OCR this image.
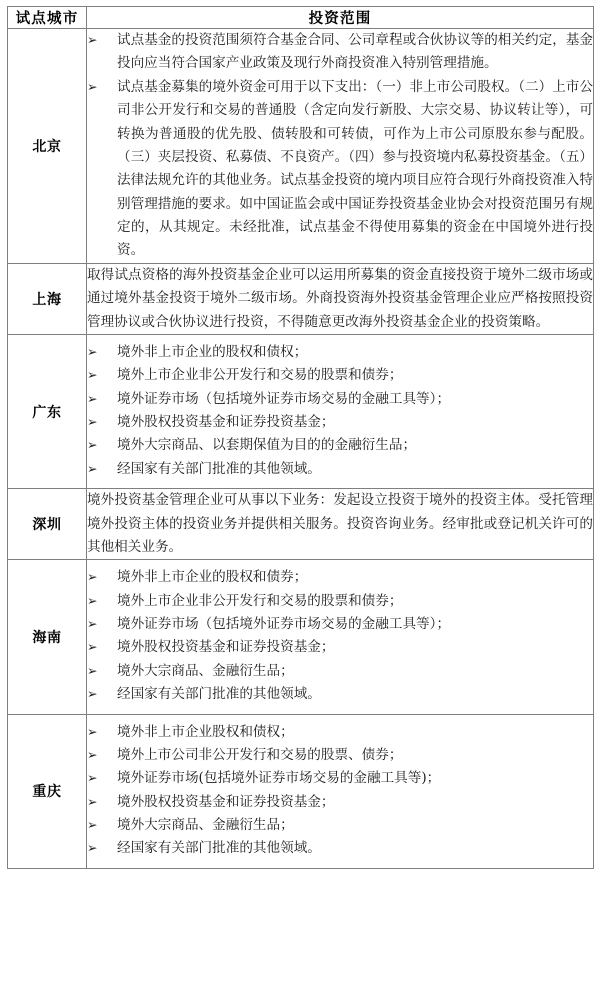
试点城市	投资范围
北京	
➢	试点基金的投资范围须符合基金合同、公司章程或合伙协议等的相关约定，基金投向应当符合国家产业政策及现行外商投资准入特别管理措施。
➢	试点基金募集的境外资金可用于以下支出：（一）非上市公司股权。（二）上市公司非公开发行和交易的普通股（含定向发行新股、大宗交易、协议转让等），可转换为普通股的优先股、债转股和可转债，可作为上市公司原股东参与配股。（三）夹层投资、私募债、不良资产。（四）参与投资境内私募投资基金。（五）法律法规允许的其他业务。试点基金投资的境内项目应符合现行外商投资准入特别管理措施的要求。如中国证监会或中国证券投资基金业协会对投资范围另有规定的，从其规定。未经批准，试点基金不得使用募集的资金在中国境外进行投资。

上海	取得试点资格的海外投资基金企业可以运用所募集的资金直接投资于境外二级市场或通过境外基金投资于境外二级市场。外商投资海外投资基金管理企业应严格按照投资管理协议或合伙协议进行投资，不得随意更改海外投资基金企业的投资策略。

广东	
➢	境外非上市企业的股权和债权；
➢	境外上市企业非公开发行和交易的股票和债券；
➢	境外证券市场（包括境外证券市场交易的金融工具等）；
➢	境外股权投资基金和证券投资基金；
➢	境外大宗商品、以套期保值为目的的金融衍生品；
➢	经国家有关部门批准的其他领域。

深圳	境外投资基金管理企业可从事以下业务：发起设立投资于境外的投资主体。受托管理境外投资主体的投资业务并提供相关服务。投资咨询业务。经审批或登记机关许可的其他相关业务。

海南	
➢	境外非上市企业的股权和债券；
➢	境外上市企业非公开发行和交易的股票和债券；
➢	境外证券市场（包括境外证券市场交易的金融工具等）；
➢	境外股权投资基金和证券投资基金；
➢	境外大宗商品、金融衍生品；
➢	经国家有关部门批准的其他领域。

重庆	
➢	境外非上市企业股权和债权；
➢	境外上市公司非公开发行和交易的股票、债券；
➢	境外证券市场(包括境外证券市场交易的金融工具等)；
➢	境外股权投资基金和证券投资基金；
➢	境外大宗商品、金融衍生品；
➢	经国家有关部门批准的其他领域。
